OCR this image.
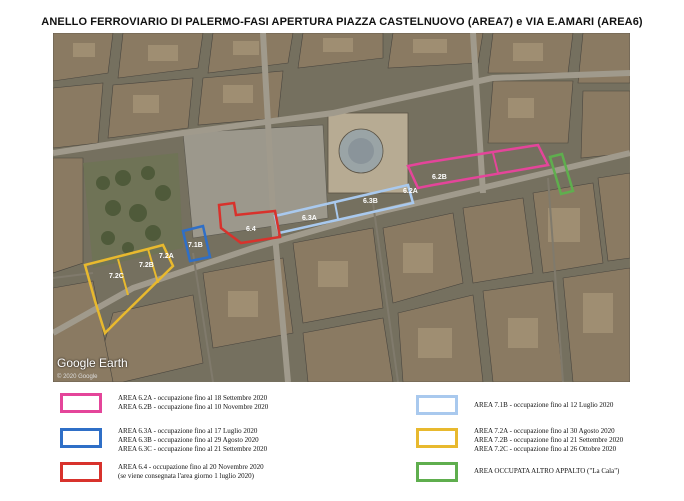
ANELLO FERROVIARIO DI PALERMO-FASI APERTURA PIAZZA CASTELNUOVO (AREA7) e VIA E.AMARI (AREA6)
6.2B
6.2A
6.3B
6.3A
6.4
7.1B
7.2A
7.2B
7.2C
Google Earth
© 2020 Google
AREA 6.2A - occupazione fino al 18 Settembre 2020
AREA 6.2B - occupazione fino al 10 Novembre 2020
AREA 6.3A - occupazione fino al 17 Luglio 2020
AREA 6.3B - occupazione fino al 29 Agosto 2020
AREA 6.3C - occupazione fino al 21 Settembre 2020
AREA 6.4 - occupazione fino al 20 Novembre 2020
(se viene consegnata l'area giorno 1 luglio 2020)
AREA 7.1B - occupazione fino al 12 Luglio 2020
AREA 7.2A - occupazione fino al 30 Agosto 2020
AREA 7.2B - occupazione fino al 21 Settembre 2020
AREA 7.2C - occupazione fino al 26 Ottobre 2020
AREA OCCUPATA ALTRO APPALTO ("La Cala")
